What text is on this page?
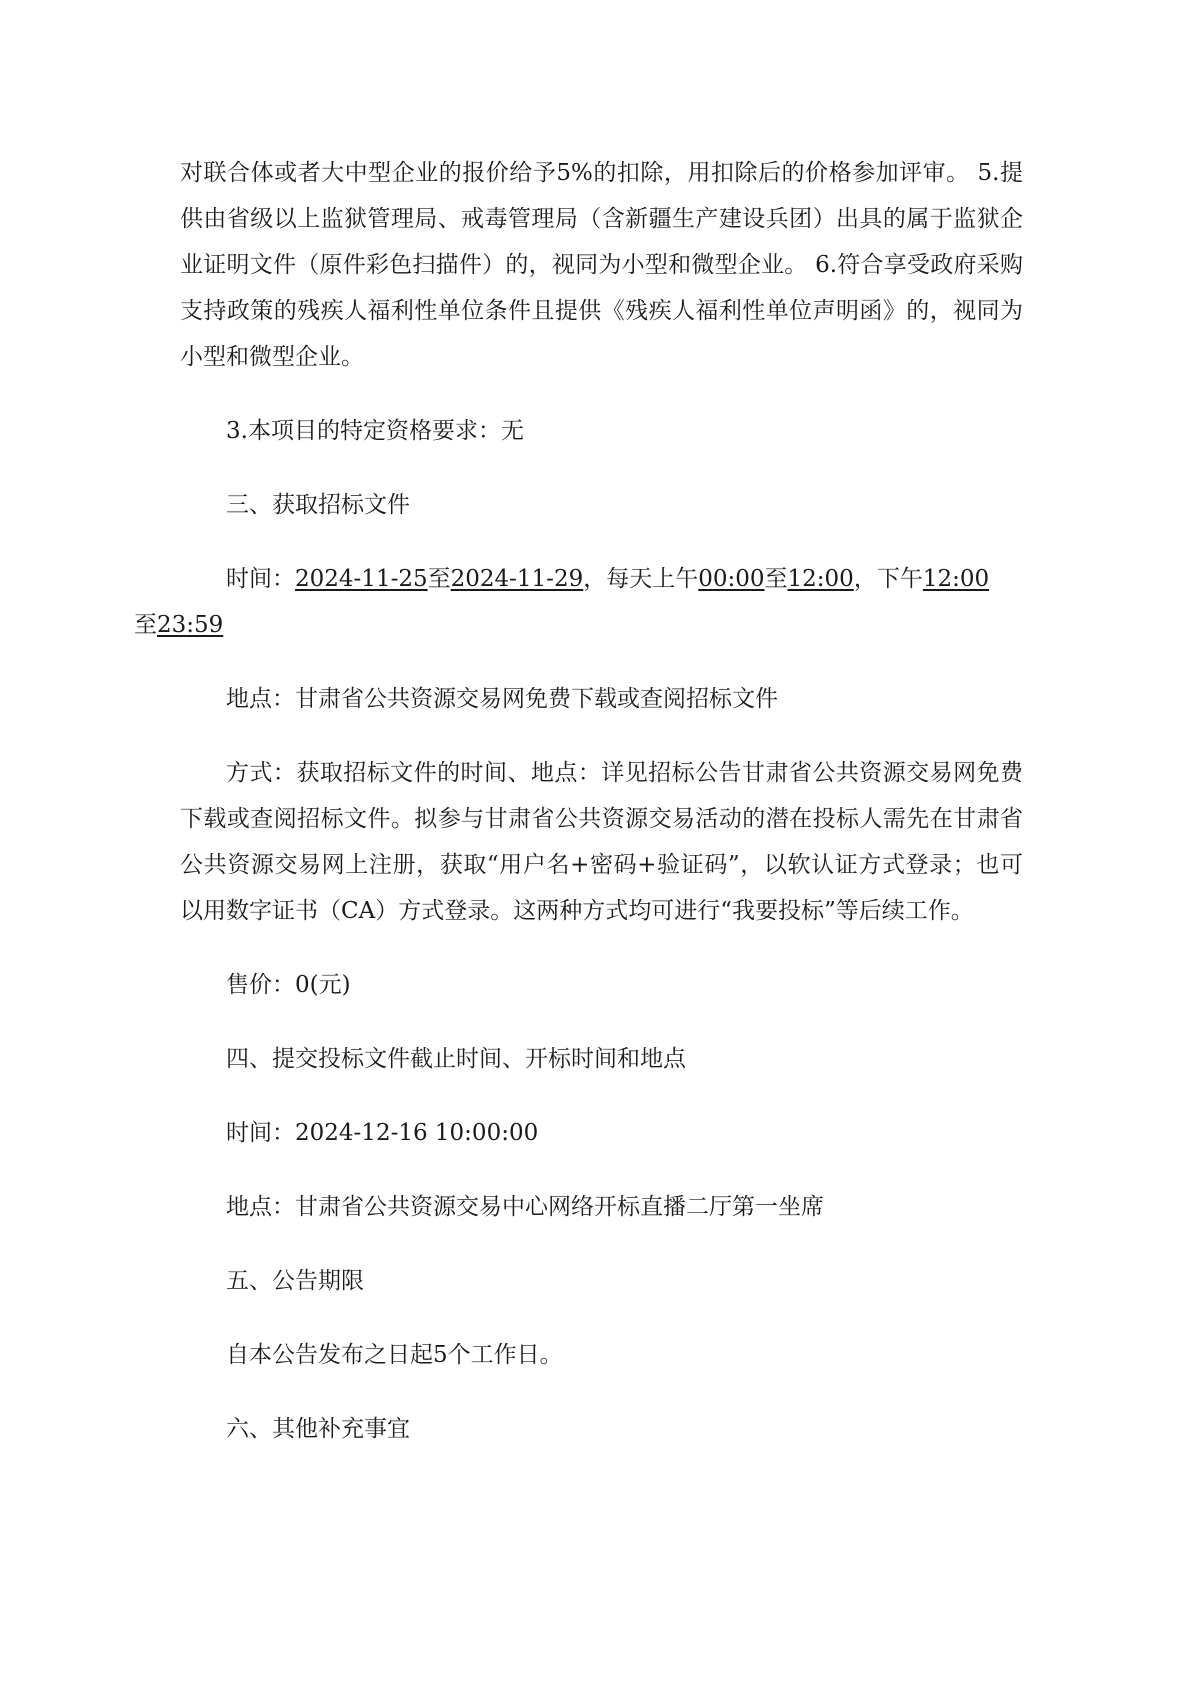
对联合体或者大中型企业的报价给予5%的扣除，用扣除后的价格参加评审。 5.提供由省级以上监狱管理局、戒毒管理局（含新疆生产建设兵团）出具的属于监狱企业证明文件（原件彩色扫描件）的，视同为小型和微型企业。 6.符合享受政府采购支持政策的残疾人福利性单位条件且提供《残疾人福利性单位声明函》的，视同为小型和微型企业。

3.本项目的特定资格要求：无

三、获取招标文件

时间：2024-11-25至2024-11-29，每天上午00:00至12:00，下午12:00
至23:59

地点：甘肃省公共资源交易网免费下载或查阅招标文件

方式：获取招标文件的时间、地点：详见招标公告甘肃省公共资源交易网免费下载或查阅招标文件。拟参与甘肃省公共资源交易活动的潜在投标人需先在甘肃省公共资源交易网上注册，获取“用户名+密码+验证码”，以软认证方式登录；也可以用数字证书（CA）方式登录。这两种方式均可进行“我要投标”等后续工作。

售价：0(元)

四、提交投标文件截止时间、开标时间和地点

时间：2024-12-16 10:00:00

地点：甘肃省公共资源交易中心网络开标直播二厅第一坐席

五、公告期限

自本公告发布之日起5个工作日。

六、其他补充事宜
